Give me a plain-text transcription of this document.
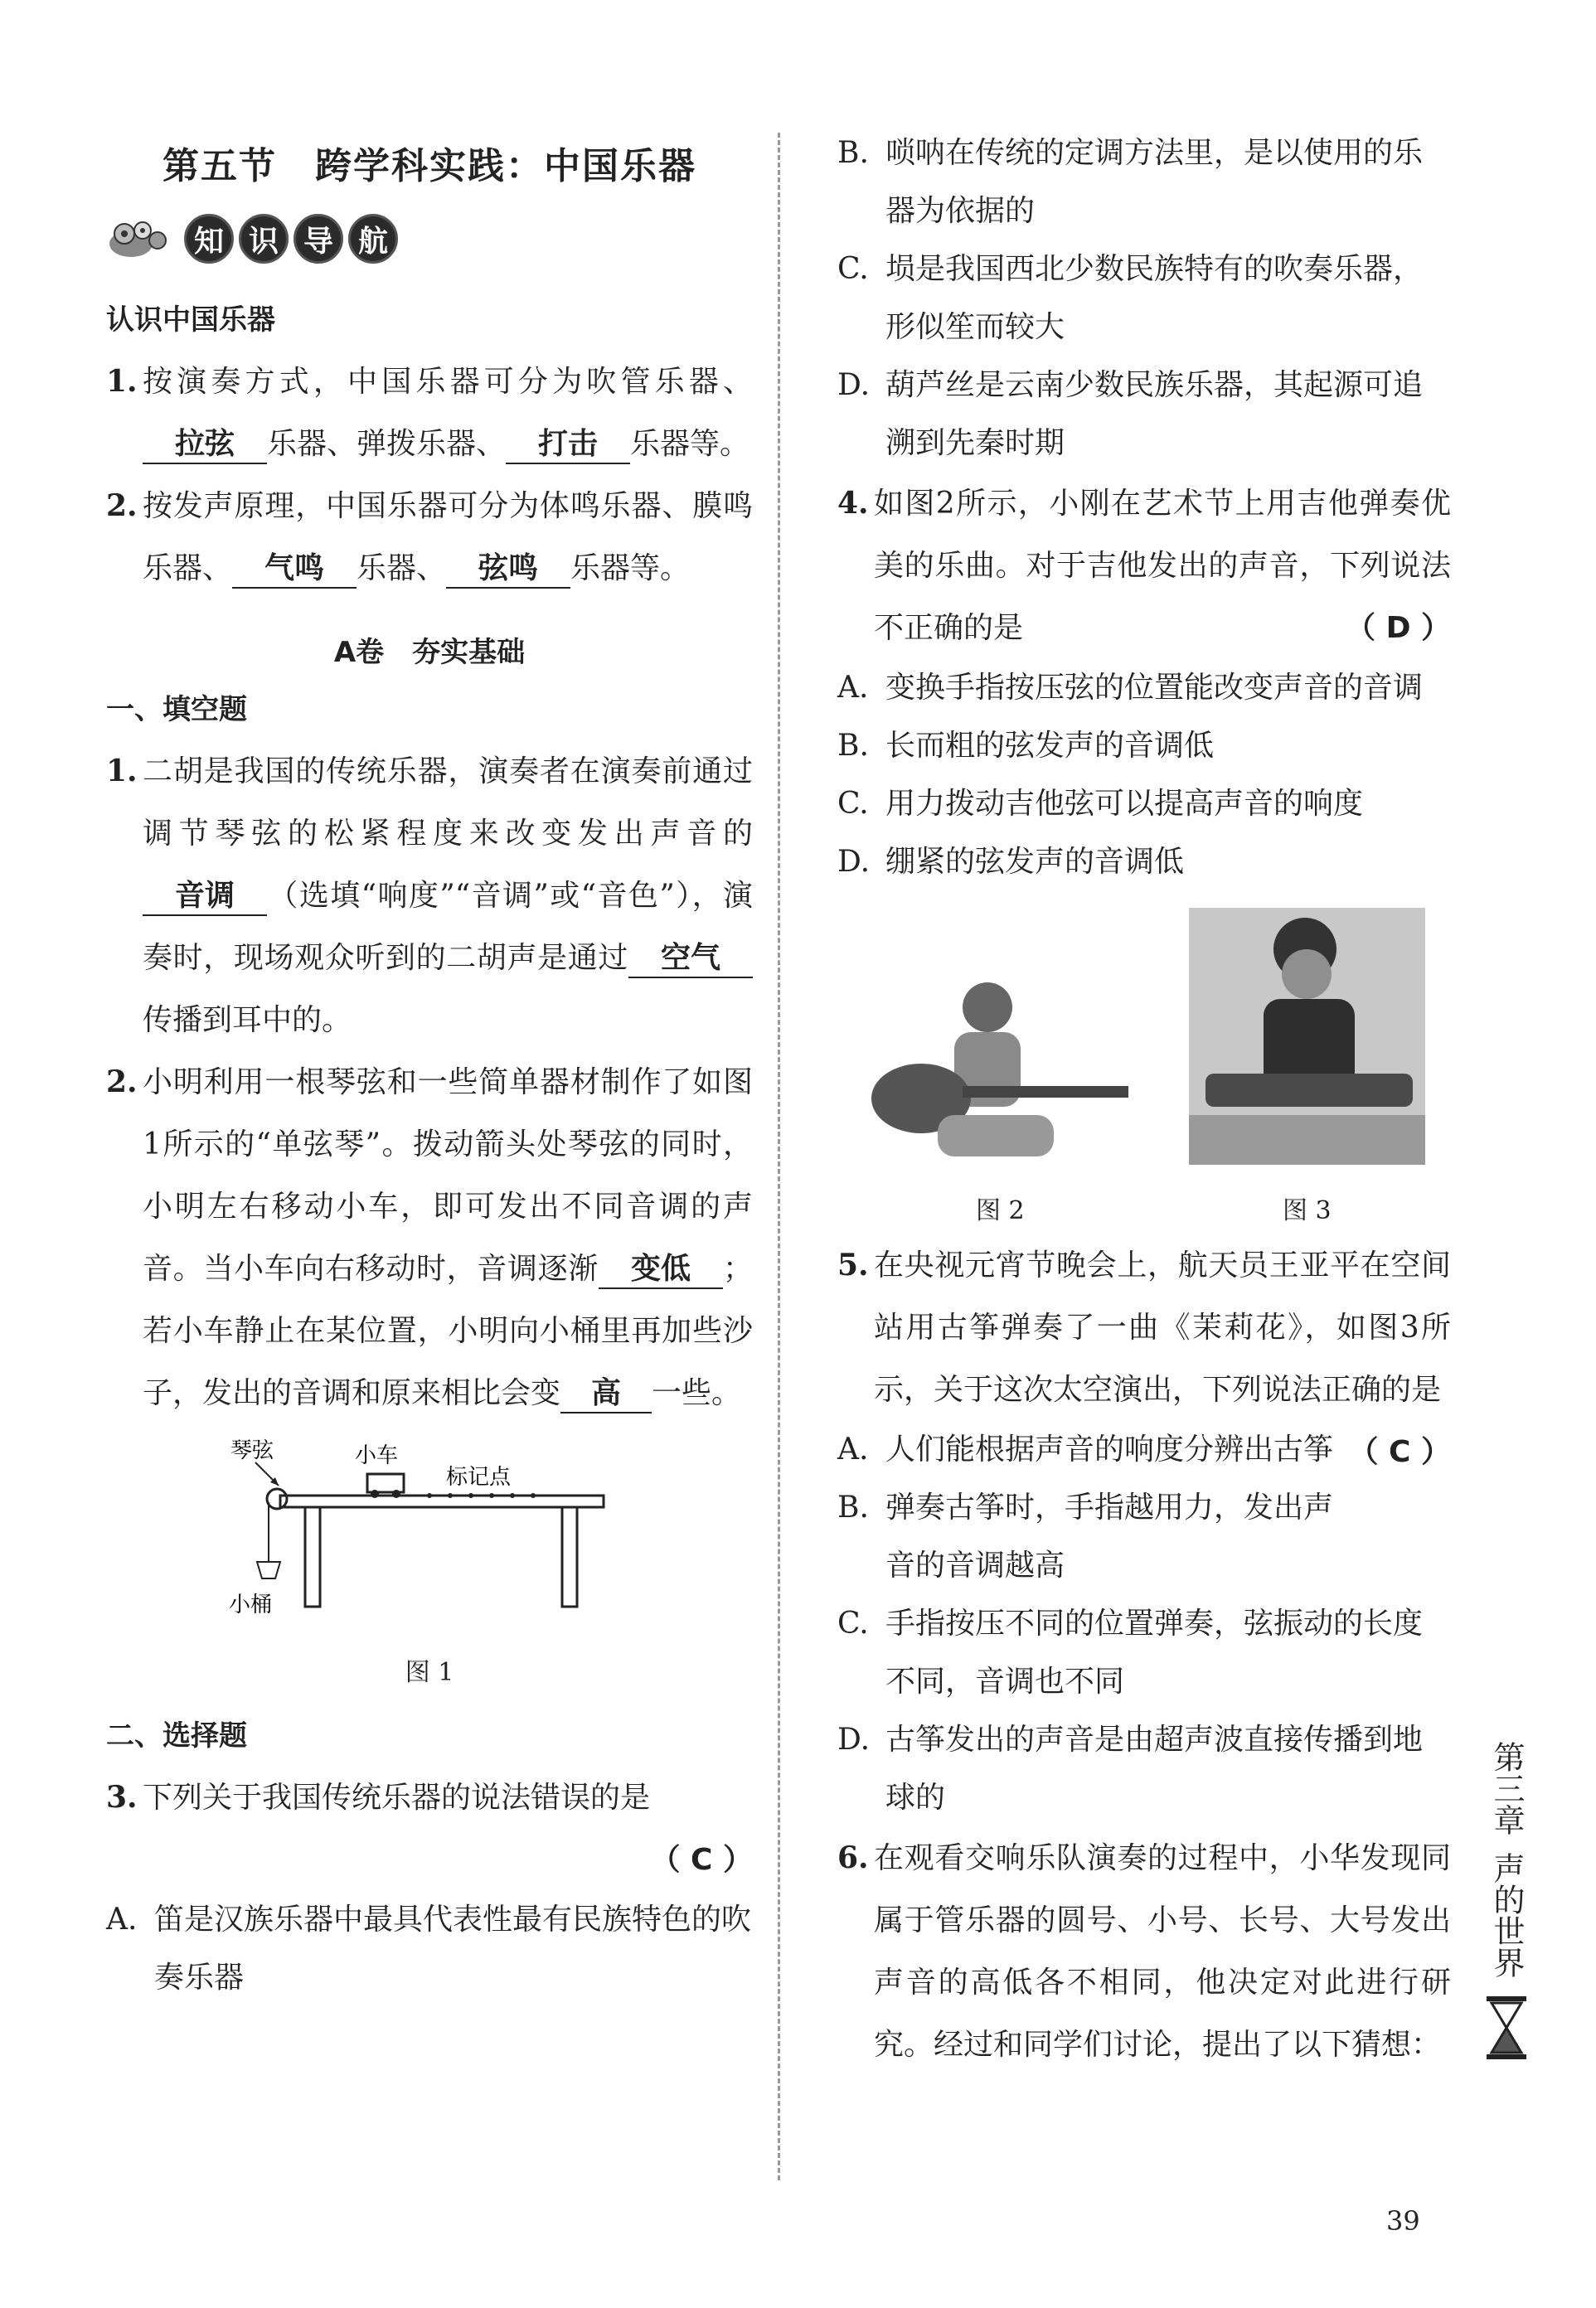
第五节　跨学科实践：中国乐器
知 识 导 航
认识中国乐器
1. 按演奏方式，中国乐器可分为吹管乐器、拉弦 乐器、弹拨乐器、 打击 乐器等。
2. 按发声原理，中国乐器可分为体鸣乐器、膜鸣乐器、 气鸣 乐器、 弦鸣 乐器等。
A卷　夯实基础
一、填空题
1. 二胡是我国的传统乐器，演奏者在演奏前通过调节琴弦的松紧程度来改变发出声音的音调 （选填“响度”“音调”或“音色”），演奏时，现场观众听到的二胡声是通过 空气传播到耳中的。
2. 小明利用一根琴弦和一些简单器材制作了如图1所示的“单弦琴”。拨动箭头处琴弦的同时，小明左右移动小车，即可发出不同音调的声音。当小车向右移动时，音调逐渐 变低 ；若小车静止在某位置，小明向小桶里再加些沙子，发出的音调和原来相比会变 高 一些。
琴弦	小车
标记点
小桶
图 1
二、选择题
3. 下列关于我国传统乐器的说法错误的是
（ C ）
A. 笛是汉族乐器中最具代表性最有民族特色的吹奏乐器
B. 唢呐在传统的定调方法里，是以使用的乐器为依据的
C. 埙是我国西北少数民族特有的吹奏乐器，形似笙而较大
D. 葫芦丝是云南少数民族乐器，其起源可追溯到先秦时期
4. 如图2所示，小刚在艺术节上用吉他弹奏优美的乐曲。对于吉他发出的声音，下列说法不正确的是	（ D ）
A. 变换手指按压弦的位置能改变声音的音调
B. 长而粗的弦发声的音调低
C. 用力拨动吉他弦可以提高声音的响度
D. 绷紧的弦发声的音调低
图 2	图 3
5. 在央视元宵节晚会上，航天员王亚平在空间站用古筝弹奏了一曲《茉莉花》，如图3所示，关于这次太空演出，下列说法正确的是
（ C ）
A. 人们能根据声音的响度分辨出古筝
B. 弹奏古筝时，手指越用力，发出声音的音调越高
C. 手指按压不同的位置弹奏，弦振动的长度不同，音调也不同
D. 古筝发出的声音是由超声波直接传播到地球的
6. 在观看交响乐队演奏的过程中，小华发现同属于管乐器的圆号、小号、长号、大号发出声音的高低各不相同，他决定对此进行研究。经过和同学们讨论，提出了以下猜想：
第三章
声的世界
39
